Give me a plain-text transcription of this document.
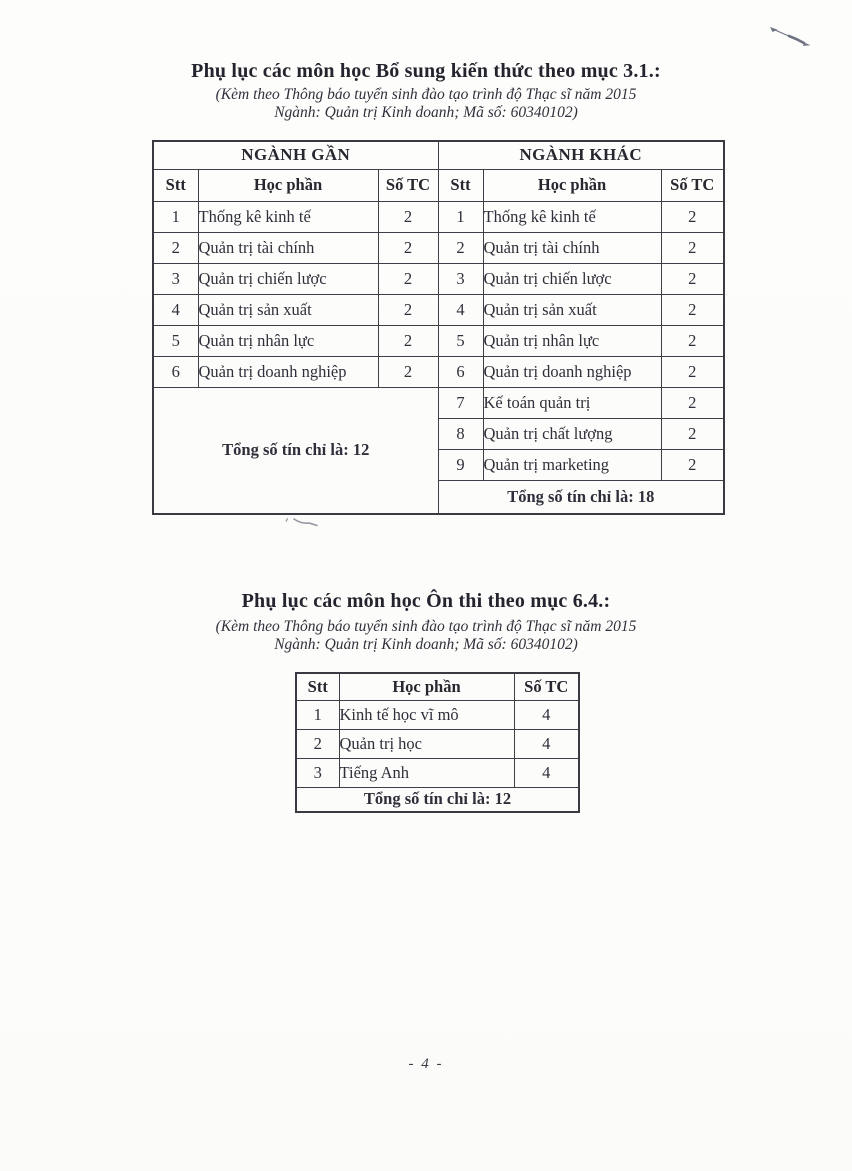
Phụ lục các môn học Bổ sung kiến thức theo mục 3.1.:
(Kèm theo Thông báo tuyển sinh đào tạo trình độ Thạc sĩ năm 2015
Ngành: Quản trị Kinh doanh; Mã số: 60340102)
NGÀNH GẦN			NGÀNH KHÁC		
Stt	Học phần	Số TC	Stt	Học phần	Số TC
1	Thống kê kinh tế	2	1	Thống kê kinh tế	2
2	Quản trị tài chính	2	2	Quản trị tài chính	2
3	Quản trị chiến lược	2	3	Quản trị chiến lược	2
4	Quản trị sản xuất	2	4	Quản trị sản xuất	2
5	Quản trị nhân lực	2	5	Quản trị nhân lực	2
6	Quản trị doanh nghiệp	2	6	Quản trị doanh nghiệp	2
Tổng số tín chỉ là: 12			7	Kế toán quản trị	2
			8	Quản trị chất lượng	2
			9	Quản trị marketing	2
			Tổng số tín chỉ là: 18		
Phụ lục các môn học Ôn thi theo mục 6.4.:
(Kèm theo Thông báo tuyển sinh đào tạo trình độ Thạc sĩ năm 2015
Ngành: Quản trị Kinh doanh; Mã số: 60340102)
Stt	Học phần	Số TC
1	Kinh tế học vĩ mô	4
2	Quản trị học	4
3	Tiếng Anh	4
Tổng số tín chỉ là: 12		
- 4 -
